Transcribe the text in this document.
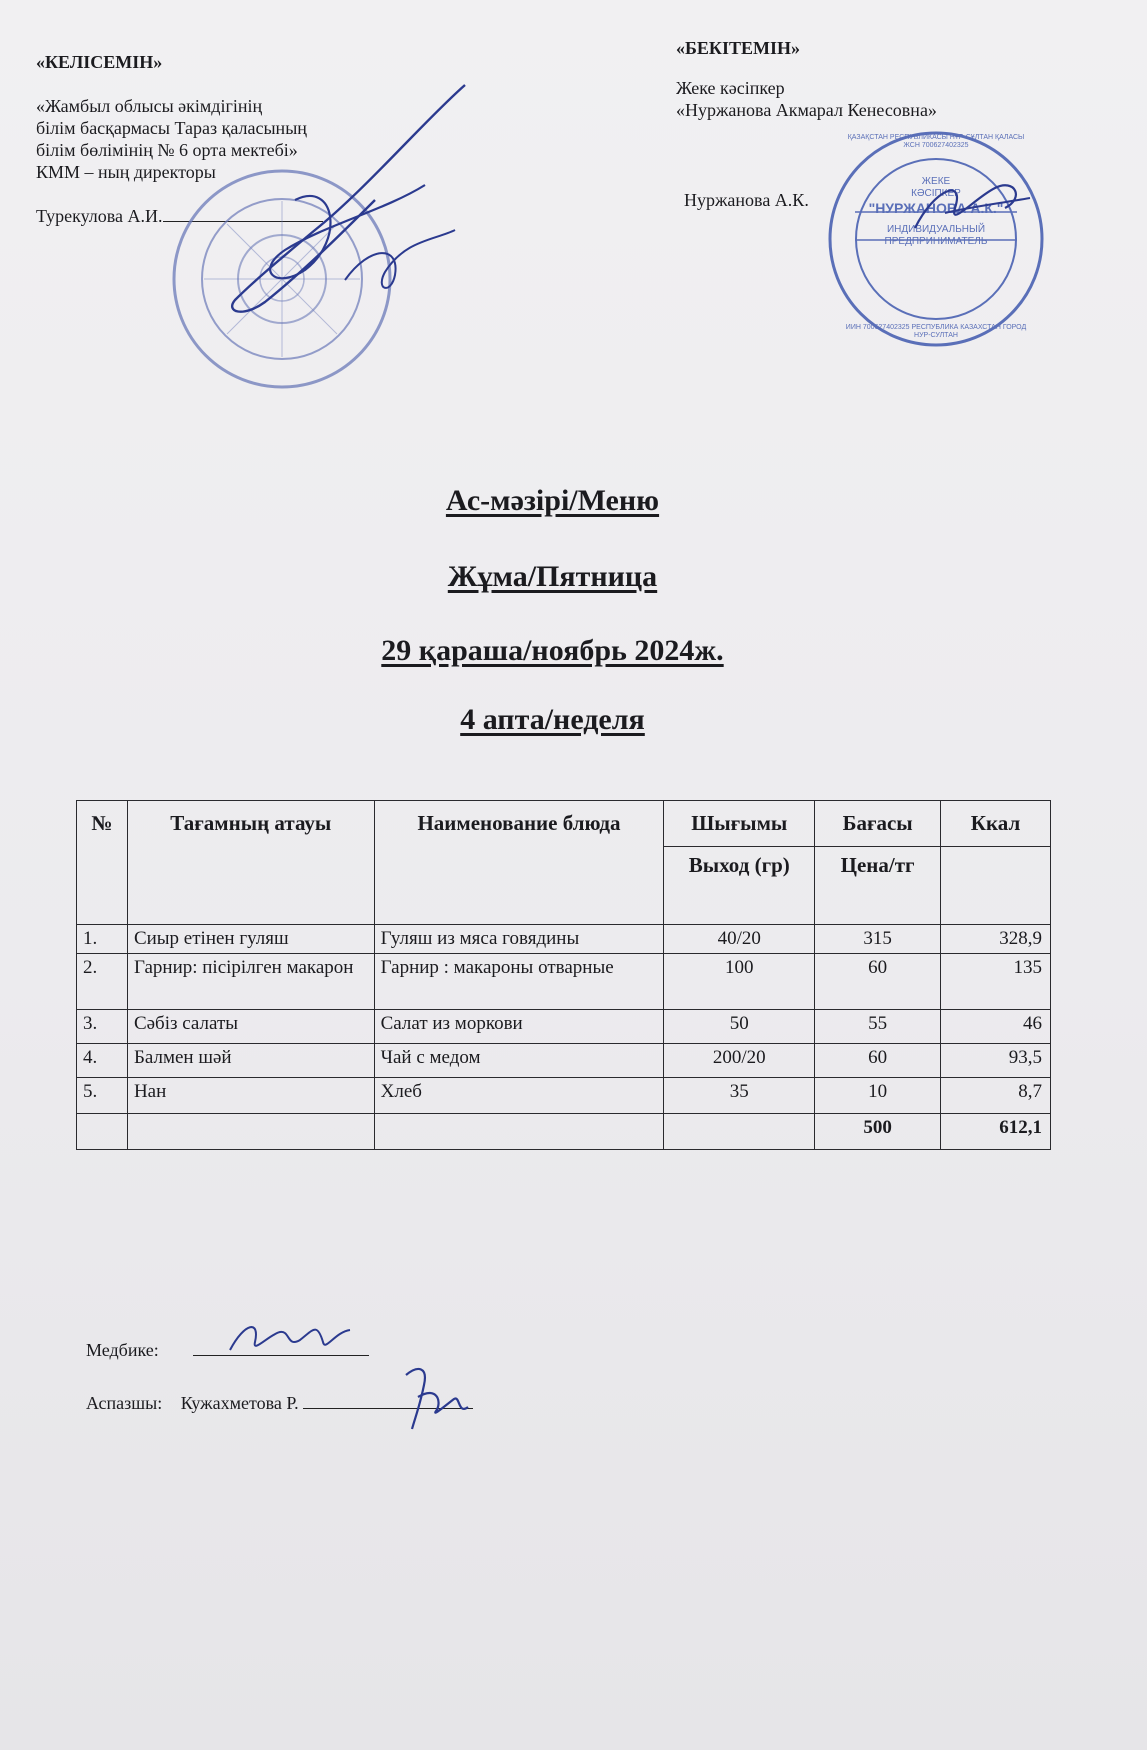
«КЕЛІСЕМІН»
«Жамбыл облысы әкімдігінің
білім басқармасы Тараз қаласының
білім бөлімінің № 6 орта мектебі»
КММ – ның директоры
Турекулова А.И.
«БЕКІТЕМІН»
Жеке кәсіпкер
«Нуржанова Акмарал Кенесовна»
Нуржанова А.К.
ЖЕКЕ
КӘСІПКЕР
"НУРЖАНОВА А.К."
ИНДИВИДУАЛЬНЫЙ
ПРЕДПРИНИМАТЕЛЬ
ҚАЗАҚСТАН РЕСПУБЛИКАСЫ НҰР-СҰЛТАН ҚАЛАСЫ ЖСН 700627402325
ИИН 700627402325 РЕСПУБЛИКА КАЗАХСТАН ГОРОД НУР-СУЛТАН
Ас-мәзірі/Меню
Жұма/Пятница
29 қараша/ноябрь 2024ж.
4 апта/неделя
№	Тағамның атауы	Наименование блюда	Шығымы	Бағасы	Ккал
			Выход (гр)	Цена/тг	
1.	Сиыр етінен гуляш	Гуляш из мяса говядины	40/20	315	328,9
2.	Гарнир: пісірілген макарон	Гарнир : макароны отварные	100	60	135
3.	Сәбіз салаты	Салат из моркови	50	55	46
4.	Балмен шәй	Чай с медом	200/20	60	93,5
5.	Нан	Хлеб	35	10	8,7
				500	612,1
Медбике:
Аспазшы: Кужахметова Р.
